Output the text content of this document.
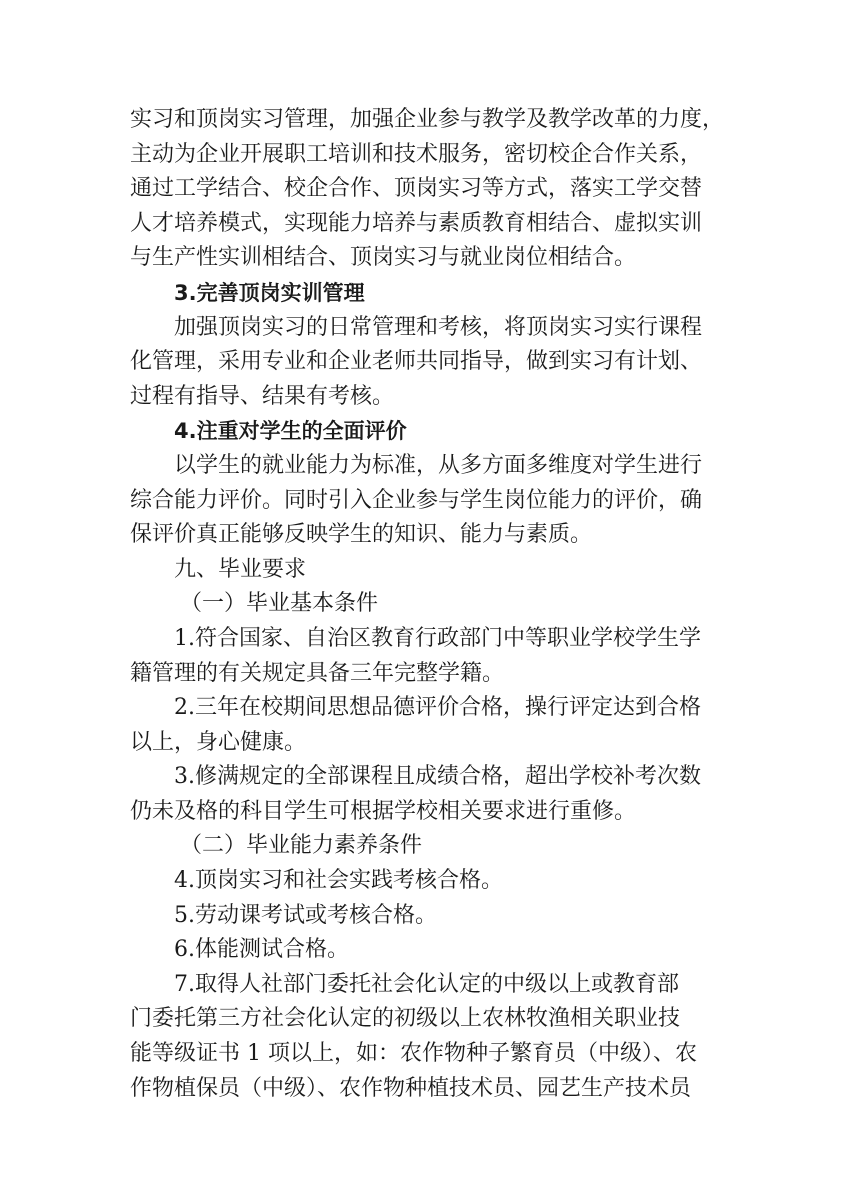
实习和顶岗实习管理，加强企业参与教学及教学改革的力度，
主动为企业开展职工培训和技术服务，密切校企合作关系，
通过工学结合、校企合作、顶岗实习等方式，落实工学交替
人才培养模式，实现能力培养与素质教育相结合、虚拟实训
与生产性实训相结合、顶岗实习与就业岗位相结合。
3.完善顶岗实训管理
加强顶岗实习的日常管理和考核，将顶岗实习实行课程
化管理，采用专业和企业老师共同指导，做到实习有计划、
过程有指导、结果有考核。
4.注重对学生的全面评价
以学生的就业能力为标准，从多方面多维度对学生进行
综合能力评价。同时引入企业参与学生岗位能力的评价，确
保评价真正能够反映学生的知识、能力与素质。
九、毕业要求
（一）毕业基本条件
1.符合国家、自治区教育行政部门中等职业学校学生学
籍管理的有关规定具备三年完整学籍。
2.三年在校期间思想品德评价合格，操行评定达到合格
以上，身心健康。
3.修满规定的全部课程且成绩合格，超出学校补考次数
仍未及格的科目学生可根据学校相关要求进行重修。
（二）毕业能力素养条件
4.顶岗实习和社会实践考核合格。
5.劳动课考试或考核合格。
6.体能测试合格。
7.取得人社部门委托社会化认定的中级以上或教育部
门委托第三方社会化认定的初级以上农林牧渔相关职业技
能等级证书 1 项以上，如：农作物种子繁育员（中级）、农
作物植保员（中级）、农作物种植技术员、园艺生产技术员
